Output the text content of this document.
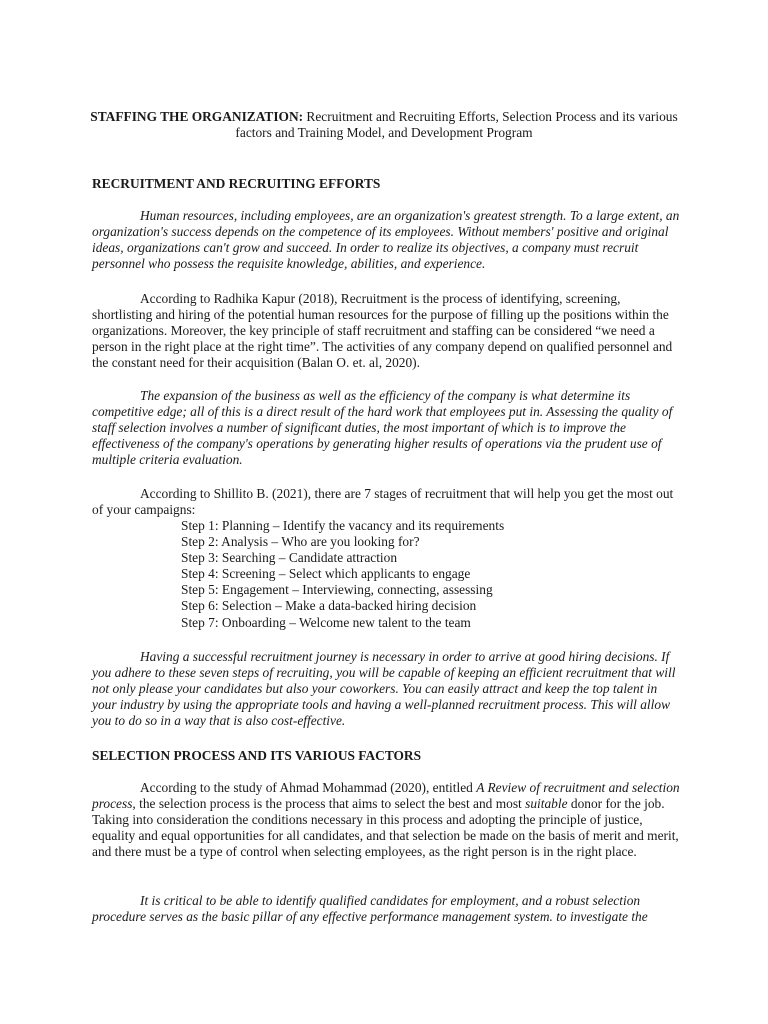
STAFFING THE ORGANIZATION: Recruitment and Recruiting Efforts, Selection Process and its various factors and Training Model, and Development Program
RECRUITMENT AND RECRUITING EFFORTS

Human resources, including employees, are an organization's greatest strength. To a large extent, an organization's success depends on the competence of its employees. Without members' positive and original ideas, organizations can't grow and succeed. In order to realize its objectives, a company must recruit personnel who possess the requisite knowledge, abilities, and experience.

According to Radhika Kapur (2018), Recruitment is the process of identifying, screening, shortlisting and hiring of the potential human resources for the purpose of filling up the positions within the organizations. Moreover, the key principle of staff recruitment and staffing can be considered “we need a person in the right place at the right time”. The activities of any company depend on qualified personnel and the constant need for their acquisition (Balan O. et. al, 2020).

The expansion of the business as well as the efficiency of the company is what determine its competitive edge; all of this is a direct result of the hard work that employees put in. Assessing the quality of staff selection involves a number of significant duties, the most important of which is to improve the effectiveness of the company's operations by generating higher results of operations via the prudent use of multiple criteria evaluation.

According to Shillito B. (2021), there are 7 stages of recruitment that will help you get the most out of your campaigns:

Step 1: Planning – Identify the vacancy and its requirements
Step 2: Analysis – Who are you looking for?
Step 3: Searching – Candidate attraction
Step 4: Screening – Select which applicants to engage
Step 5: Engagement – Interviewing, connecting, assessing
Step 6: Selection – Make a data-backed hiring decision
Step 7: Onboarding – Welcome new talent to the team

Having a successful recruitment journey is necessary in order to arrive at good hiring decisions. If you adhere to these seven steps of recruiting, you will be capable of keeping an efficient recruitment that will not only please your candidates but also your coworkers. You can easily attract and keep the top talent in your industry by using the appropriate tools and having a well-planned recruitment process. This will allow you to do so in a way that is also cost-effective.

SELECTION PROCESS AND ITS VARIOUS FACTORS

According to the study of Ahmad Mohammad (2020), entitled A Review of recruitment and selection process, the selection process is the process that aims to select the best and most suitable donor for the job. Taking into consideration the conditions necessary in this process and adopting the principle of justice, equality and equal opportunities for all candidates, and that selection be made on the basis of merit and merit, and there must be a type of control when selecting employees, as the right person is in the right place.

It is critical to be able to identify qualified candidates for employment, and a robust selection procedure serves as the basic pillar of any effective performance management system. to investigate the
